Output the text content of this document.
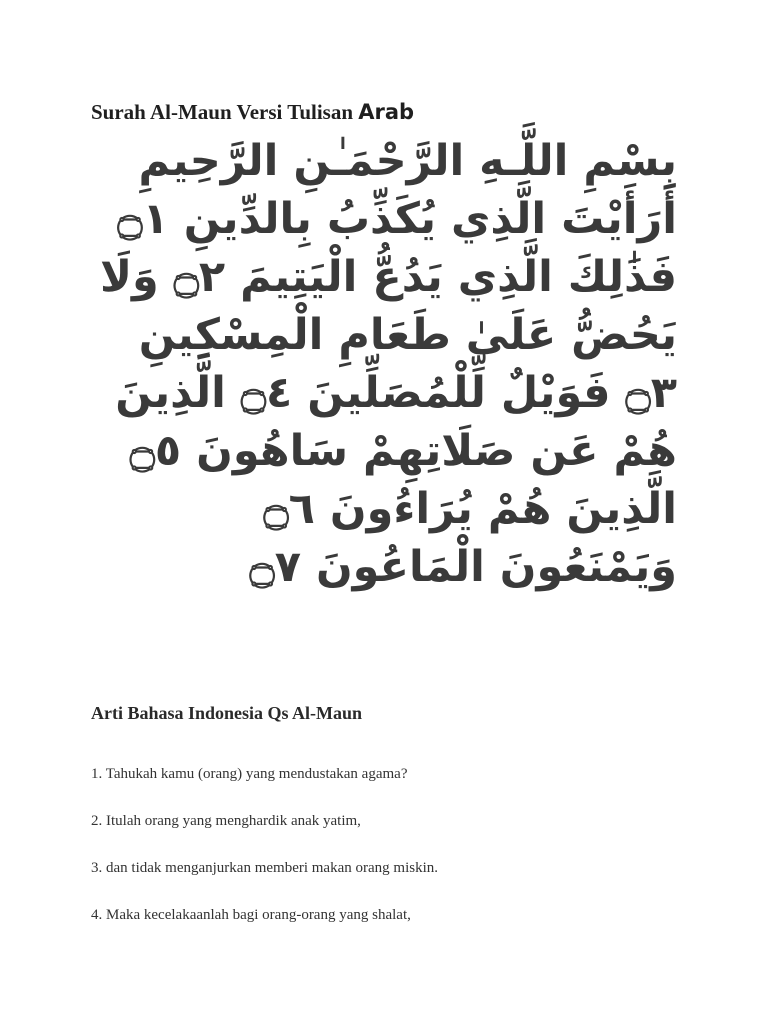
Surah Al-Maun Versi Tulisan Arab

بِسْمِ اللَّـهِ الرَّحْمَـٰنِ الرَّحِيمِ أَرَأَيْتَ الَّذِي يُكَذِّبُ بِالدِّينِ ۝١ فَذَٰلِكَ الَّذِي يَدُعُّ الْيَتِيمَ ۝٢ وَلَا يَحُضُّ عَلَىٰ طَعَامِ الْمِسْكِينِ ۝٣ فَوَيْلٌ لِّلْمُصَلِّينَ ۝٤ الَّذِينَ هُمْ عَن صَلَاتِهِمْ سَاهُونَ ۝٥ الَّذِينَ هُمْ يُرَاءُونَ ۝٦ وَيَمْنَعُونَ الْمَاعُونَ ۝٧

Arti Bahasa Indonesia Qs Al-Maun
1. Tahukah kamu (orang) yang mendustakan agama?
2. Itulah orang yang menghardik anak yatim,
3. dan tidak menganjurkan memberi makan orang miskin.
4. Maka kecelakaanlah bagi orang-orang yang shalat,
